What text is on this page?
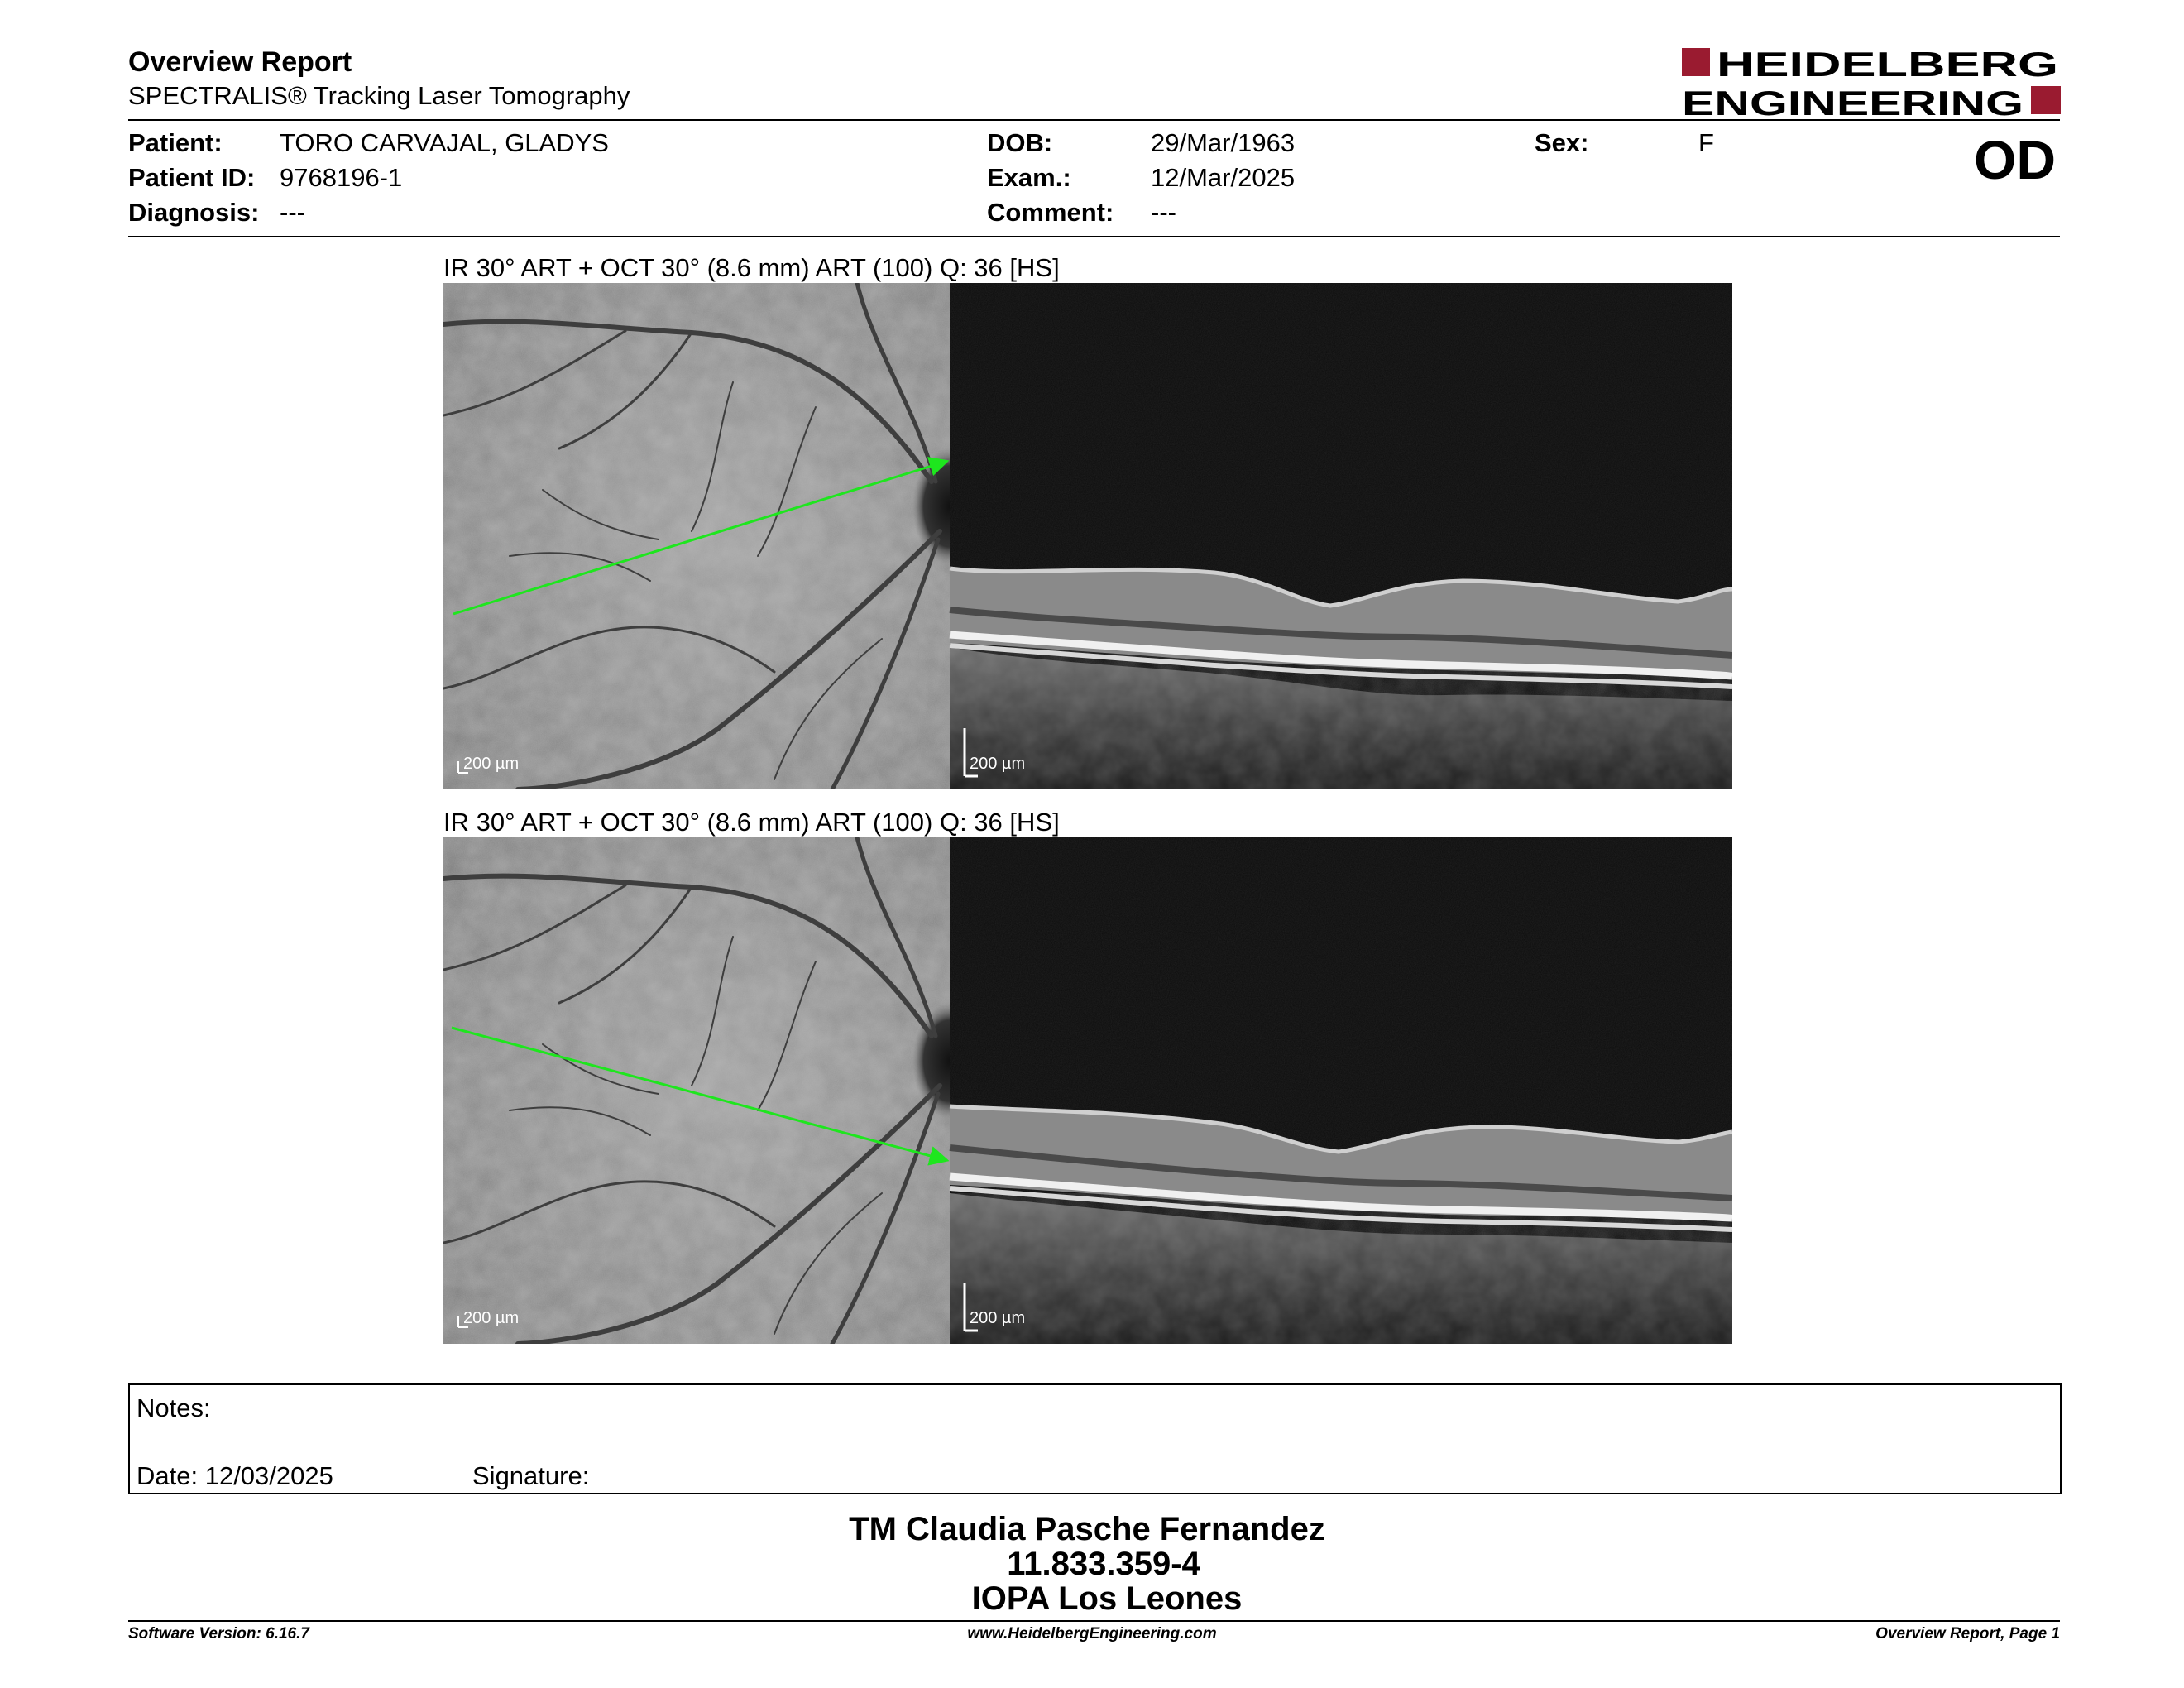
Overview Report
SPECTRALIS® Tracking Laser Tomography
HEIDELBERG
ENGINEERING
Patient: TORO CARVAJAL, GLADYS
Patient ID: 9768196-1
Diagnosis: ---
DOB:	29/Mar/1963
Exam.:	12/Mar/2025
Comment: ---
Sex:	F	OD
IR 30° ART + OCT 30° (8.6 mm) ART (100) Q: 36 [HS]
200 µm	200 µm
IR 30° ART + OCT 30° (8.6 mm) ART (100) Q: 36 [HS]
200 µm	200 µm
Notes:
Date: 12/03/2025	Signature:
TM Claudia Pasche Fernandez
11.833.359-4
IOPA Los Leones
Software Version: 6.16.7	www.HeidelbergEngineering.com	Overview Report, Page 1
